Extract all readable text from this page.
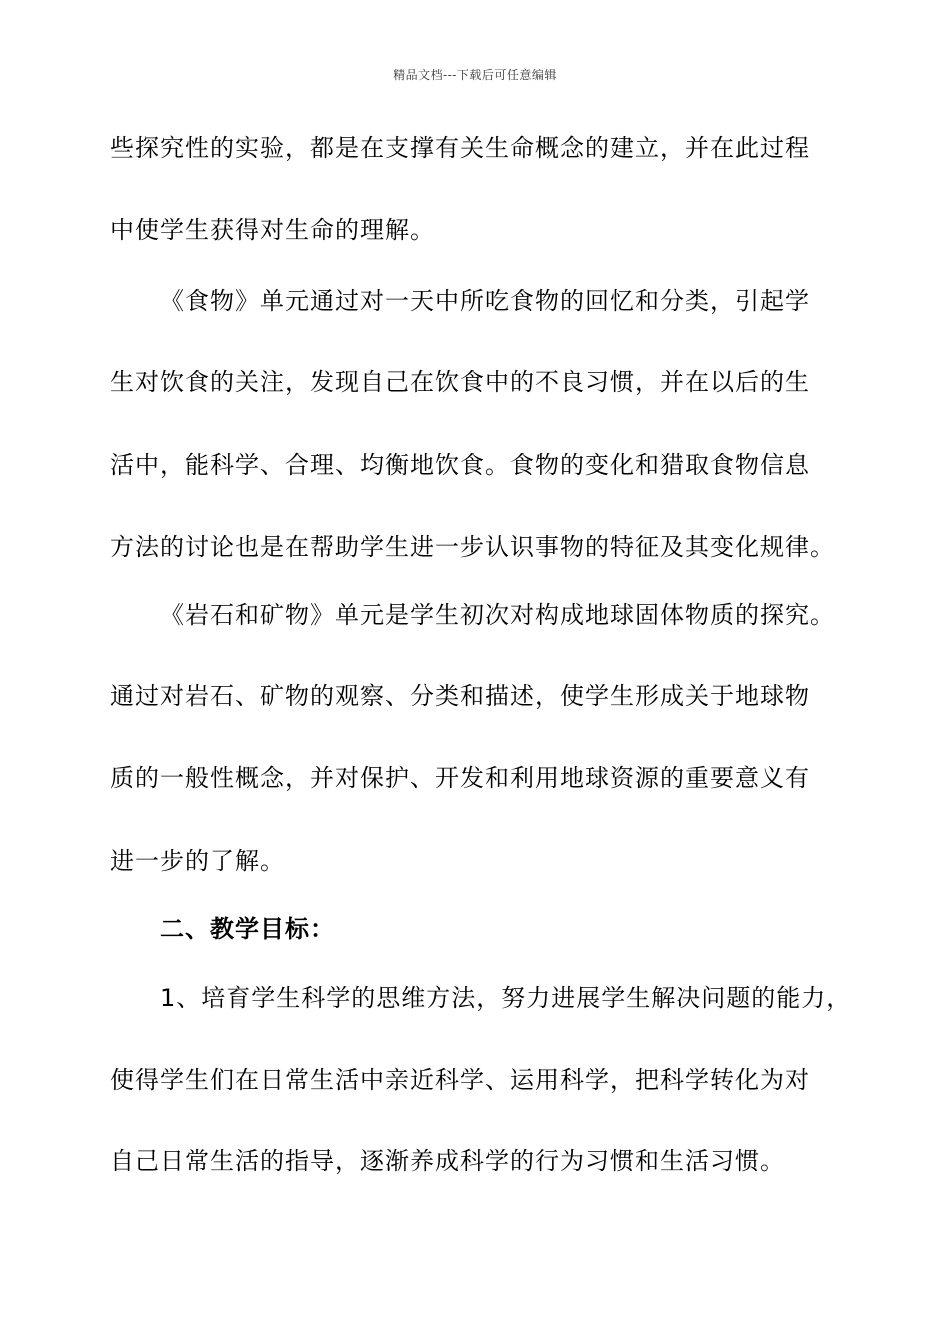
精品文档---下载后可任意编辑
些探究性的实验，都是在支撑有关生命概念的建立，并在此过程
中使学生获得对生命的理解。
《食物》单元通过对一天中所吃食物的回忆和分类，引起学
生对饮食的关注，发现自己在饮食中的不良习惯，并在以后的生
活中，能科学、合理、均衡地饮食。食物的变化和猎取食物信息
方法的讨论也是在帮助学生进一步认识事物的特征及其变化规律。
《岩石和矿物》单元是学生初次对构成地球固体物质的探究。
通过对岩石、矿物的观察、分类和描述，使学生形成关于地球物
质的一般性概念，并对保护、开发和利用地球资源的重要意义有
进一步的了解。
二、教学目标：
1、培育学生科学的思维方法，努力进展学生解决问题的能力，
使得学生们在日常生活中亲近科学、运用科学，把科学转化为对
自己日常生活的指导，逐渐养成科学的行为习惯和生活习惯。
